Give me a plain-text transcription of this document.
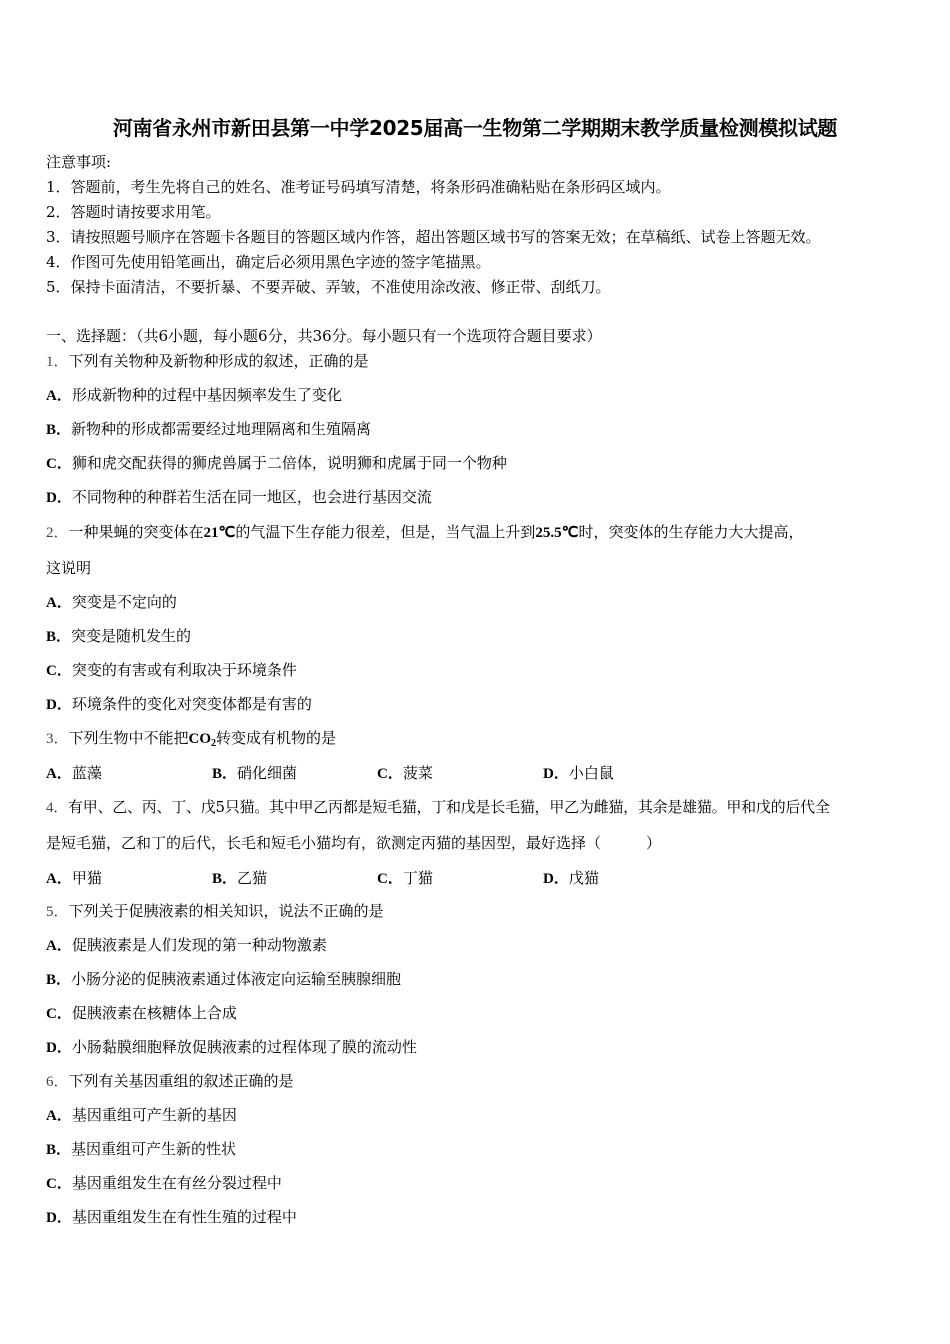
河南省永州市新田县第一中学2025届高一生物第二学期期末教学质量检测模拟试题
注意事项:
1．答题前，考生先将自己的姓名、准考证号码填写清楚，将条形码准确粘贴在条形码区域内。
2．答题时请按要求用笔。
3．请按照题号顺序在答题卡各题目的答题区域内作答，超出答题区域书写的答案无效；在草稿纸、试卷上答题无效。
4．作图可先使用铅笔画出，确定后必须用黑色字迹的签字笔描黑。
5．保持卡面清洁，不要折暴、不要弄破、弄皱，不准使用涂改液、修正带、刮纸刀。
一、选择题：（共6小题，每小题6分，共36分。每小题只有一个选项符合题目要求）
1．下列有关物种及新物种形成的叙述，正确的是
A．形成新物种的过程中基因频率发生了变化
B．新物种的形成都需要经过地理隔离和生殖隔离
C．狮和虎交配获得的狮虎兽属于二倍体，说明狮和虎属于同一个物种
D．不同物种的种群若生活在同一地区，也会进行基因交流
2．一种果蝇的突变体在21℃的气温下生存能力很差，但是，当气温上升到25.5℃时，突变体的生存能力大大提高，
这说明
A．突变是不定向的
B．突变是随机发生的
C．突变的有害或有利取决于环境条件
D．环境条件的变化对突变体都是有害的
3．下列生物中不能把$CO_2$转变成有机物的是
A．蓝藻	B．硝化细菌	C．菠菜	D．小白鼠
4．有甲、乙、丙、丁、戊5只猫。其中甲乙丙都是短毛猫，丁和戊是长毛猫，甲乙为雌猫，其余是雄猫。甲和戊的后代全
是短毛猫，乙和丁的后代，长毛和短毛小猫均有，欲测定丙猫的基因型，最好选择（　　　）
A．甲猫	B．乙猫	C．丁猫	D．戊猫
5．下列关于促胰液素的相关知识，说法不正确的是
A．促胰液素是人们发现的第一种动物激素
B．小肠分泌的促胰液素通过体液定向运输至胰腺细胞
C．促胰液素在核糖体上合成
D．小肠黏膜细胞释放促胰液素的过程体现了膜的流动性
6．下列有关基因重组的叙述正确的是
A．基因重组可产生新的基因
B．基因重组可产生新的性状
C．基因重组发生在有丝分裂过程中
D．基因重组发生在有性生殖的过程中
